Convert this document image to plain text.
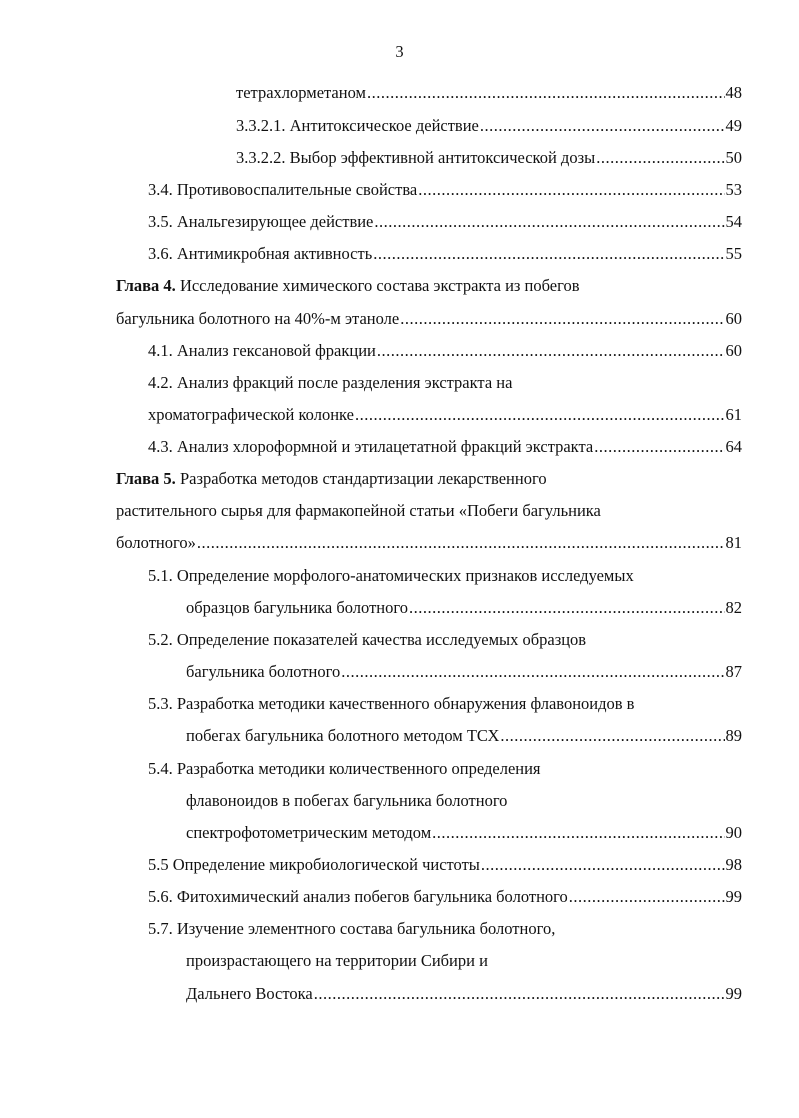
3
тетрахлорметаном .....	48
3.3.2.1. Антитоксическое действие .....	49
3.3.2.2. Выбор эффективной антитоксической дозы .....	50
3.4. Противовоспалительные свойства .....	53
3.5. Анальгезирующее действие .....	54
3.6. Антимикробная активность .....	55
Глава 4. Исследование химического состава экстракта из побегов
багульника болотного на 40%-м этаноле .....	60
4.1. Анализ гексановой фракции .....	60
4.2. Анализ фракций после разделения экстракта на
хроматографической колонке .....	61
4.3. Анализ хлороформной и этилацетатной фракций экстракта .....	64
Глава 5. Разработка методов стандартизации лекарственного
растительного сырья для фармакопейной статьи «Побеги багульника
болотного» .....	81
5.1. Определение морфолого-анатомических признаков исследуемых
образцов багульника болотного .....	82
5.2. Определение показателей качества исследуемых образцов
багульника болотного .....	87
5.3. Разработка методики качественного обнаружения флавоноидов в
побегах багульника болотного методом ТСХ .....	89
5.4. Разработка методики количественного определения
флавоноидов в побегах багульника болотного
спектрофотометрическим методом .....	90
5.5 Определение микробиологической чистоты .....	98
5.6. Фитохимический анализ побегов багульника болотного .....	99
5.7. Изучение элементного состава багульника болотного,
произрастающего на территории Сибири и
Дальнего Востока .....	99
